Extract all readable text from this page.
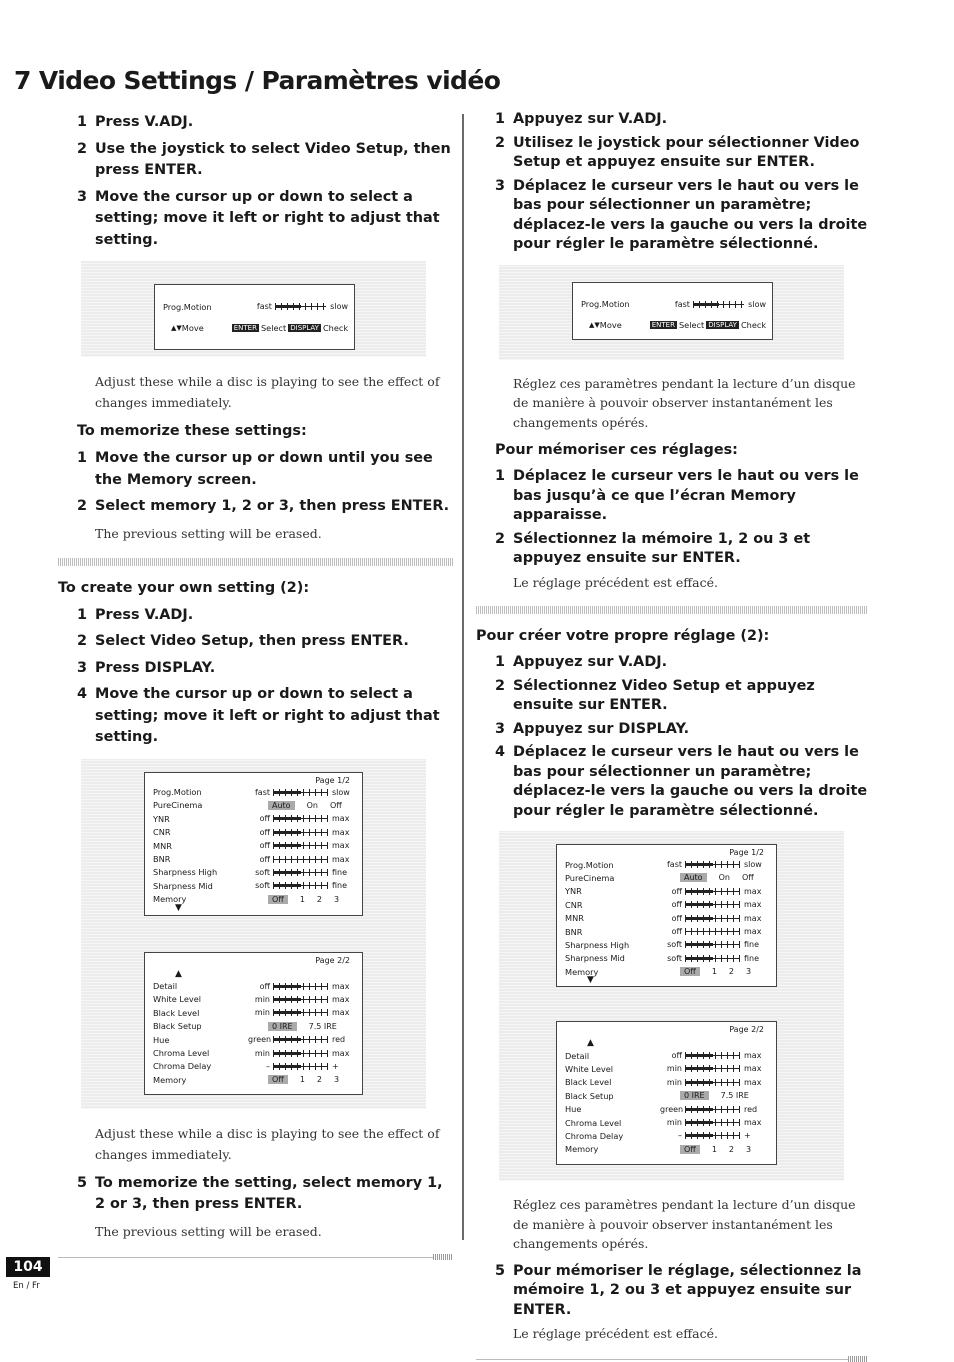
7 Video Settings / Paramètres vidéo
1 Press V.ADJ.
2 Use the joystick to select Video Setup, then press ENTER.
3 Move the cursor up or down to select a setting; move it left or right to adjust that setting.
Prog.Motion	fast	slow
▲▼ Move	ENTER Select DISPLAY Check
Adjust these while a disc is playing to see the effect of changes immediately.
To memorize these settings:
1 Move the cursor up or down until you see the Memory screen.
2 Select memory 1, 2 or 3, then press ENTER.
The previous setting will be erased.
To create your own setting (2):
1 Press V.ADJ.
2 Select Video Setup, then press ENTER.
3 Press DISPLAY.
4 Move the cursor up or down to select a setting; move it left or right to adjust that setting.
Page 1/2
Prog.Motion	fast	slow
PureCinema	Auto	On Off
YNR	off	max
CNR	off	max
MNR	off	max
BNR	off	max
Sharpness High	soft	fine
Sharpness Mid	soft	fine
Memory	Off	1 2 3
▼
▲
Page 2/2
Detail	off	max
White Level	min	max
Black Level	min	max
Black Setup	0 IRE	7.5 IRE
Hue	green	red
Chroma Level	min	max
Chroma Delay	–	+
Memory	Off	1 2 3
Adjust these while a disc is playing to see the effect of changes immediately.
5 To memorize the setting, select memory 1, 2 or 3, then press ENTER.
The previous setting will be erased.
1 Appuyez sur V.ADJ.
2 Utilisez le joystick pour sélectionner Video Setup et appuyez ensuite sur ENTER.
3 Déplacez le curseur vers le haut ou vers le bas pour sélectionner un paramètre; déplacez-le vers la gauche ou vers la droite pour régler le paramètre sélectionné.
Prog.Motion	fast	slow
▲▼ Move	ENTER Select DISPLAY Check
Réglez ces paramètres pendant la lecture d’un disque de manière à pouvoir observer instantanément les changements opérés.
Pour mémoriser ces réglages:
1 Déplacez le curseur vers le haut ou vers le bas jusqu’à ce que l’écran Memory apparaisse.
2 Sélectionnez la mémoire 1, 2 ou 3 et appuyez ensuite sur ENTER.
Le réglage précédent est effacé.
Pour créer votre propre réglage (2):
1 Appuyez sur V.ADJ.
2 Sélectionnez Video Setup et appuyez ensuite sur ENTER.
3 Appuyez sur DISPLAY.
4 Déplacez le curseur vers le haut ou vers le bas pour sélectionner un paramètre; déplacez-le vers la gauche ou vers la droite pour régler le paramètre sélectionné.
Page 1/2
Prog.Motion	fast	slow
PureCinema	Auto	On Off
YNR	off	max
CNR	off	max
MNR	off	max
BNR	off	max
Sharpness High	soft	fine
Sharpness Mid	soft	fine
Memory	Off	1 2 3
▼
▲
Page 2/2
Detail	off	max
White Level	min	max
Black Level	min	max
Black Setup	0 IRE	7.5 IRE
Hue	green	red
Chroma Level	min	max
Chroma Delay	–	+
Memory	Off	1 2 3
Réglez ces paramètres pendant la lecture d’un disque de manière à pouvoir observer instantanément les changements opérés.
5 Pour mémoriser le réglage, sélectionnez la mémoire 1, 2 ou 3 et appuyez ensuite sur ENTER.
Le réglage précédent est effacé.
104
En / Fr
